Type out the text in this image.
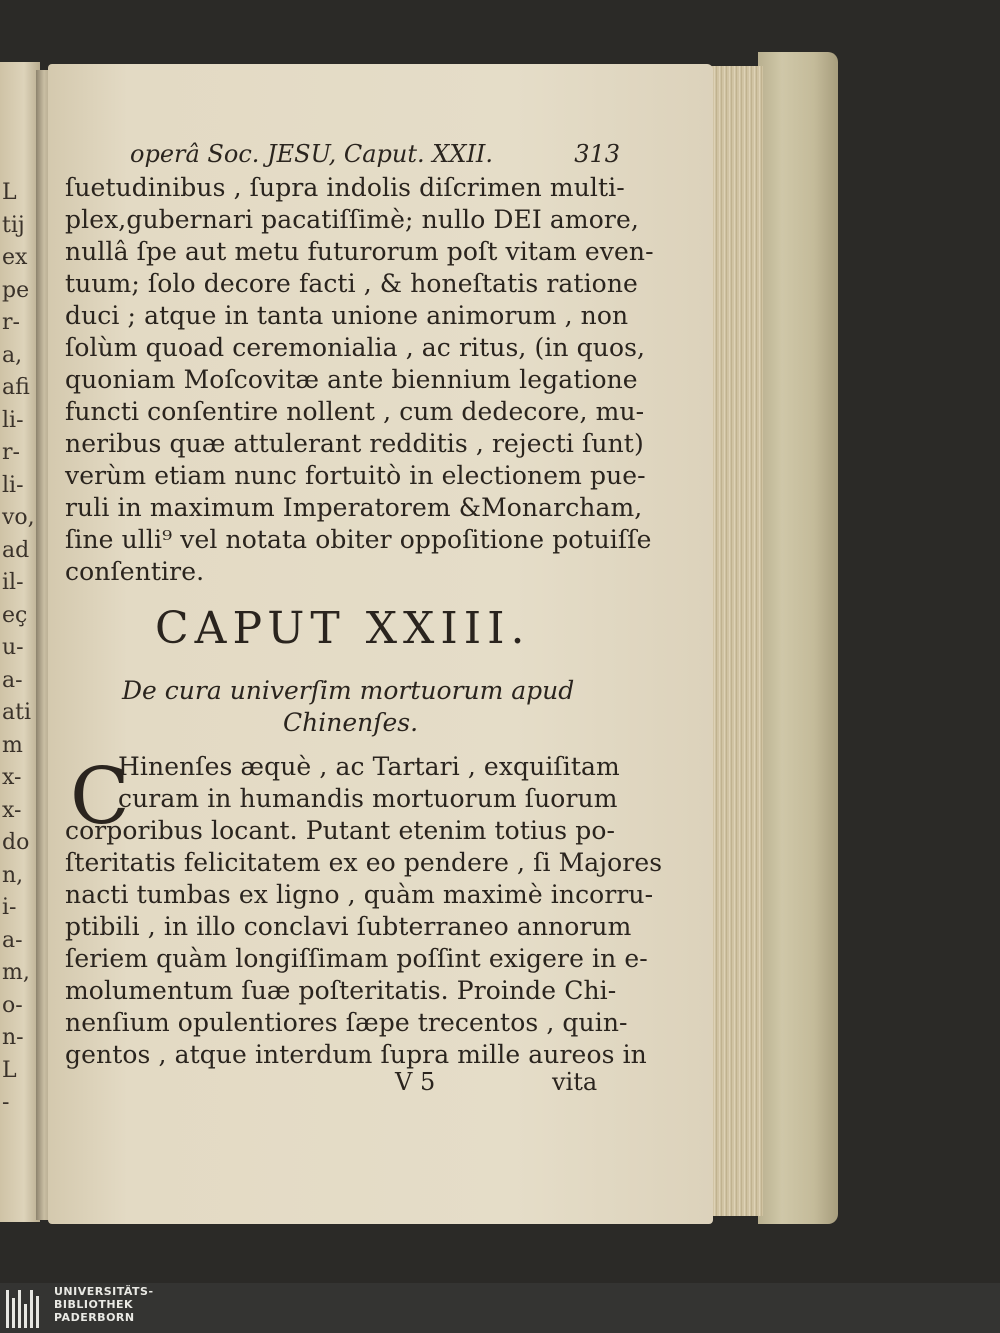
L
tij
ex
pe
r-
a,
afi
li-
r-
li-
vo,
ad
il-
eç
u-
a-
ati
m
x-
x-
do
n,
i-
a-
m,
o-
n-
L
-
operâ Soc. JESU, Caput. XXII.	313
ſuetudinibus , ſupra indolis diſcrimen multi-
plex,gubernari pacatiſſimè; nullo DEI amore,
nullâ ſpe aut metu futurorum poſt vitam even-
tuum; ſolo decore facti , & honeſtatis ratione
duci ; atque in tanta unione animorum , non
ſolùm quoad ceremonialia , ac ritus, (in quos,
quoniam Moſcovitæ ante biennium legatione
functi conſentire nollent , cum dedecore, mu-
neribus quæ attulerant redditis , rejecti ſunt)
verùm etiam nunc fortuitò in electionem pue-
ruli in maximum Imperatorem &Monarcham,
ſine ulli⁹ vel notata obiter oppoſitione potuiſſe
conſentire.
CAPUT XXIII.
De cura univerſim mortuorum apud
Chinenſes.
C
Hinenſes æquè , ac Tartari , exquiſitam
curam in humandis mortuorum ſuorum
corporibus locant. Putant etenim totius po-
ſteritatis felicitatem ex eo pendere , ſi Majores
nacti tumbas ex ligno , quàm maximè incorru-
ptibili , in illo conclavi ſubterraneo annorum
ſeriem quàm longiſſimam poſſint exigere in e-
molumentum ſuæ poſteritatis. Proinde Chi-
nenſium opulentiores ſæpe trecentos , quin-
gentos , atque interdum ſupra mille aureos in
V 5	vita
UNIVERSITÄTS-
BIBLIOTHEK
PADERBORN
